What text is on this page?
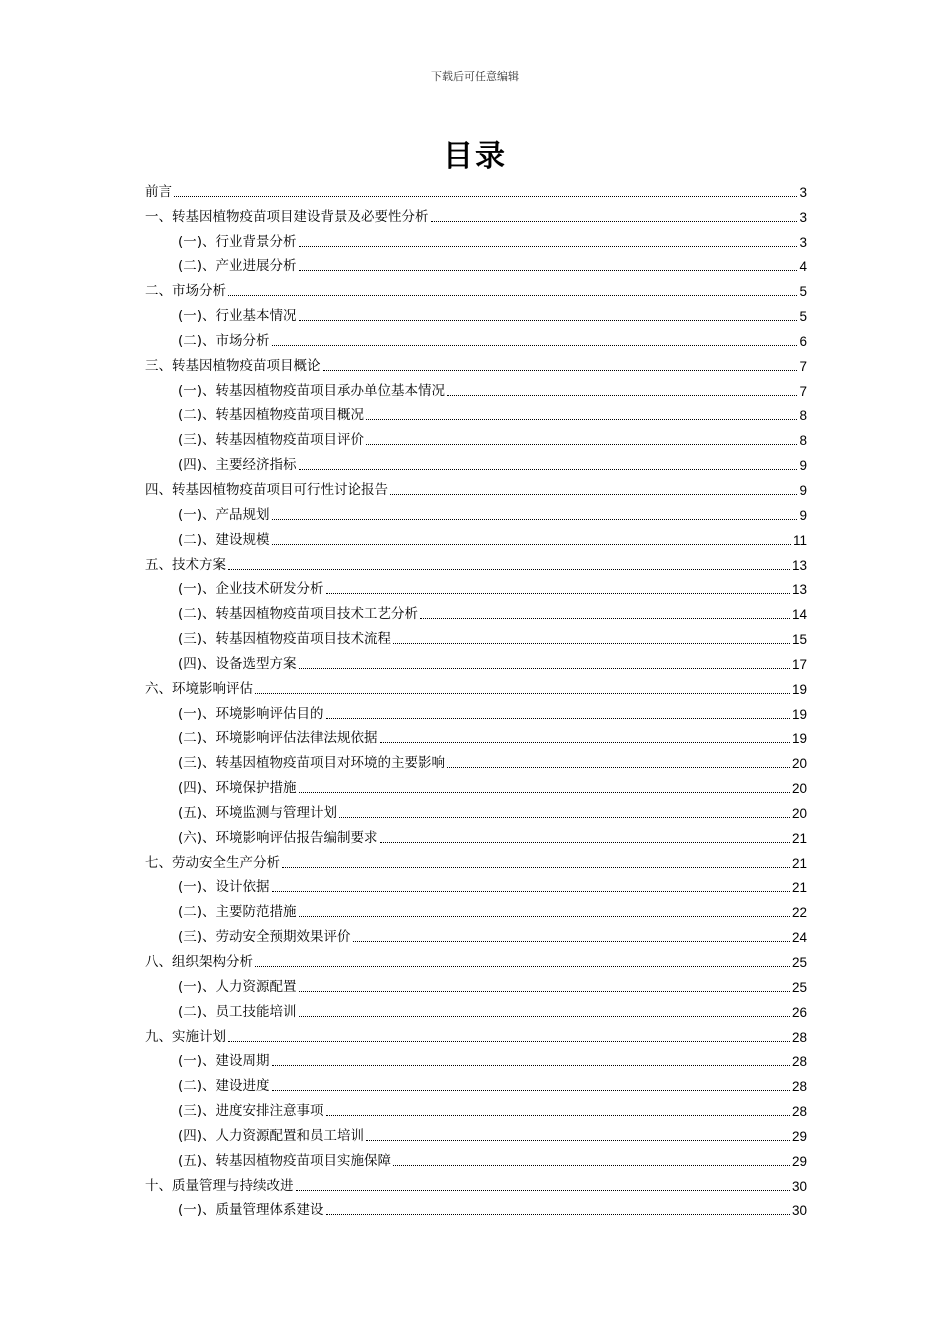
下载后可任意编辑
目录
前言	3
一、转基因植物疫苗项目建设背景及必要性分析	3
(一)、行业背景分析	3
(二)、产业进展分析	4
二、市场分析	5
(一)、行业基本情况	5
(二)、市场分析	6
三、转基因植物疫苗项目概论	7
(一)、转基因植物疫苗项目承办单位基本情况	7
(二)、转基因植物疫苗项目概况	8
(三)、转基因植物疫苗项目评价	8
(四)、主要经济指标	9
四、转基因植物疫苗项目可行性讨论报告	9
(一)、产品规划	9
(二)、建设规模	11
五、技术方案	13
(一)、企业技术研发分析	13
(二)、转基因植物疫苗项目技术工艺分析	14
(三)、转基因植物疫苗项目技术流程	15
(四)、设备选型方案	17
六、环境影响评估	19
(一)、环境影响评估目的	19
(二)、环境影响评估法律法规依据	19
(三)、转基因植物疫苗项目对环境的主要影响	20
(四)、环境保护措施	20
(五)、环境监测与管理计划	20
(六)、环境影响评估报告编制要求	21
七、劳动安全生产分析	21
(一)、设计依据	21
(二)、主要防范措施	22
(三)、劳动安全预期效果评价	24
八、组织架构分析	25
(一)、人力资源配置	25
(二)、员工技能培训	26
九、实施计划	28
(一)、建设周期	28
(二)、建设进度	28
(三)、进度安排注意事项	28
(四)、人力资源配置和员工培训	29
(五)、转基因植物疫苗项目实施保障	29
十、质量管理与持续改进	30
(一)、质量管理体系建设	30
